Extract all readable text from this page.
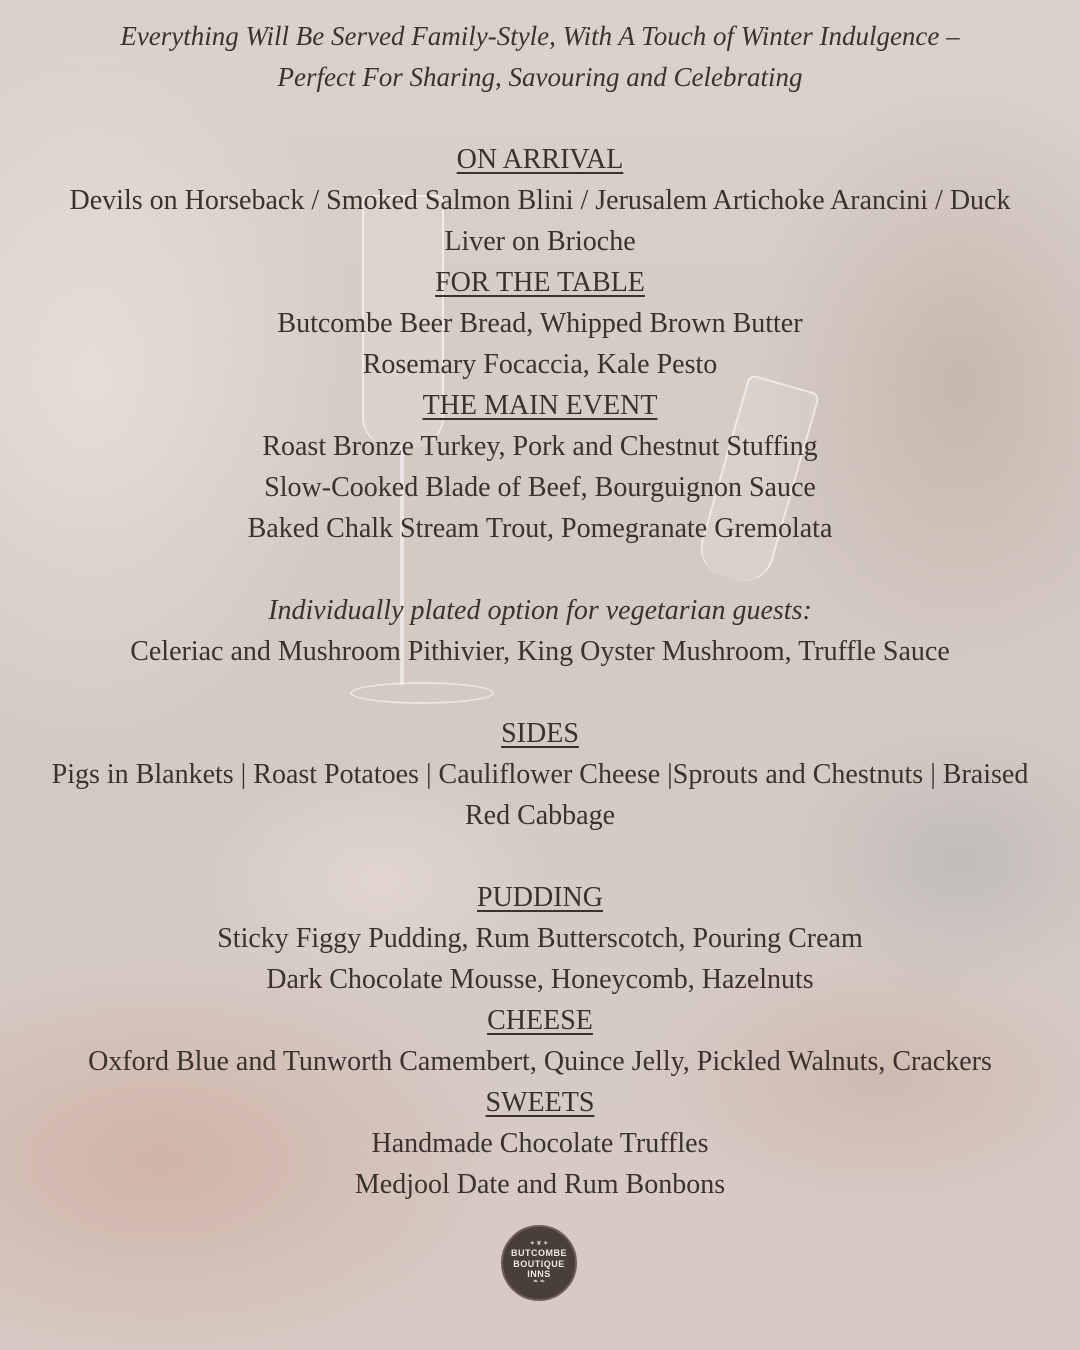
Everything Will Be Served Family-Style, With A Touch of Winter Indulgence –
Perfect For Sharing, Savouring and Celebrating
ON ARRIVAL
Devils on Horseback / Smoked Salmon Blini / Jerusalem Artichoke Arancini / Duck
Liver on Brioche
FOR THE TABLE
Butcombe Beer Bread, Whipped Brown Butter
Rosemary Focaccia, Kale Pesto
THE MAIN EVENT
Roast Bronze Turkey, Pork and Chestnut Stuffing
Slow-Cooked Blade of Beef, Bourguignon Sauce
Baked Chalk Stream Trout, Pomegranate Gremolata
Individually plated option for vegetarian guests:
Celeriac and Mushroom Pithivier, King Oyster Mushroom, Truffle Sauce
SIDES
Pigs in Blankets | Roast Potatoes | Cauliflower Cheese |Sprouts and Chestnuts | Braised
Red Cabbage
PUDDING
Sticky Figgy Pudding, Rum Butterscotch, Pouring Cream
Dark Chocolate Mousse, Honeycomb, Hazelnuts
CHEESE
Oxford Blue and Tunworth Camembert, Quince Jelly, Pickled Walnuts, Crackers
SWEETS
Handmade Chocolate Truffles
Medjool Date and Rum Bonbons
✦ ❦ ✦
BUTCOMBE
BOUTIQUE
INNS
❧ ❧
